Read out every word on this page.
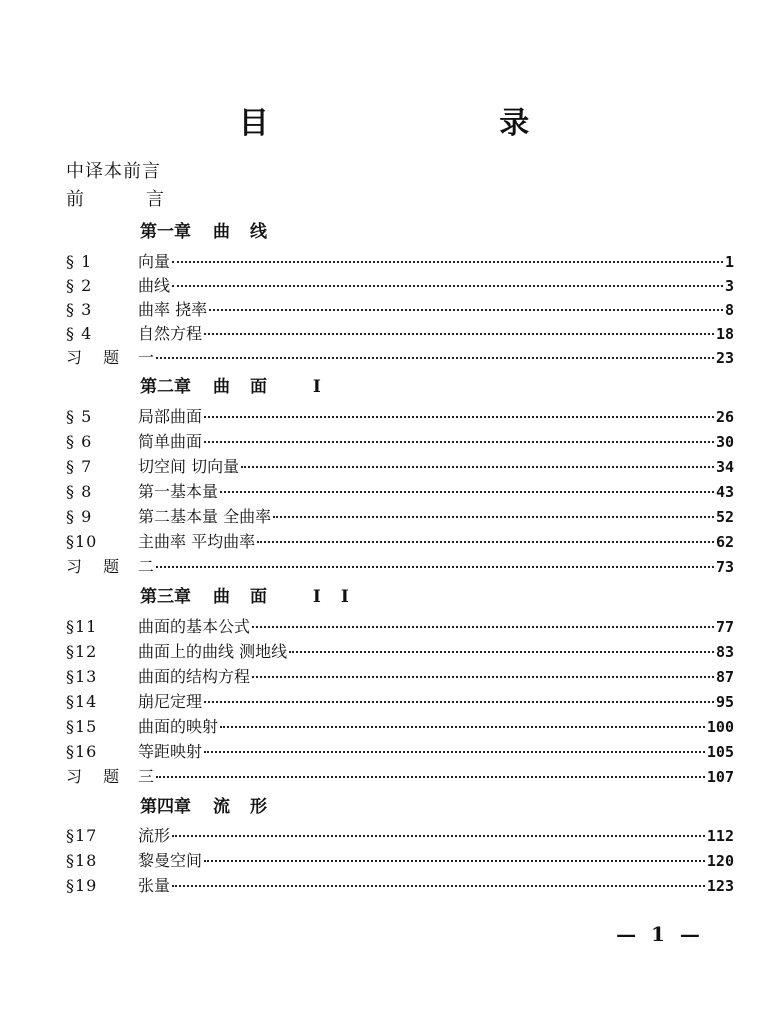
目 录
中译本前言
前言
第一章 曲线
§ 1	向量	1
§ 2	曲线	3
§ 3	曲率 挠率	8
§ 4	自然方程	18
习 题 一	23
第二章 曲面 I
§ 5	局部曲面	26
§ 6	简单曲面	30
§ 7	切空间 切向量	34
§ 8	第一基本量	43
§ 9	第二基本量 全曲率	52
§10	主曲率 平均曲率	62
习 题 二	73
第三章 曲面 II
§11	曲面的基本公式	77
§12	曲面上的曲线 测地线	83
§13	曲面的结构方程	87
§14	崩尼定理	95
§15	曲面的映射	100
§16	等距映射	105
习 题 三	107
第四章 流形
§17	流形	112
§18	黎曼空间	120
§19	张量	123
— 1 —
